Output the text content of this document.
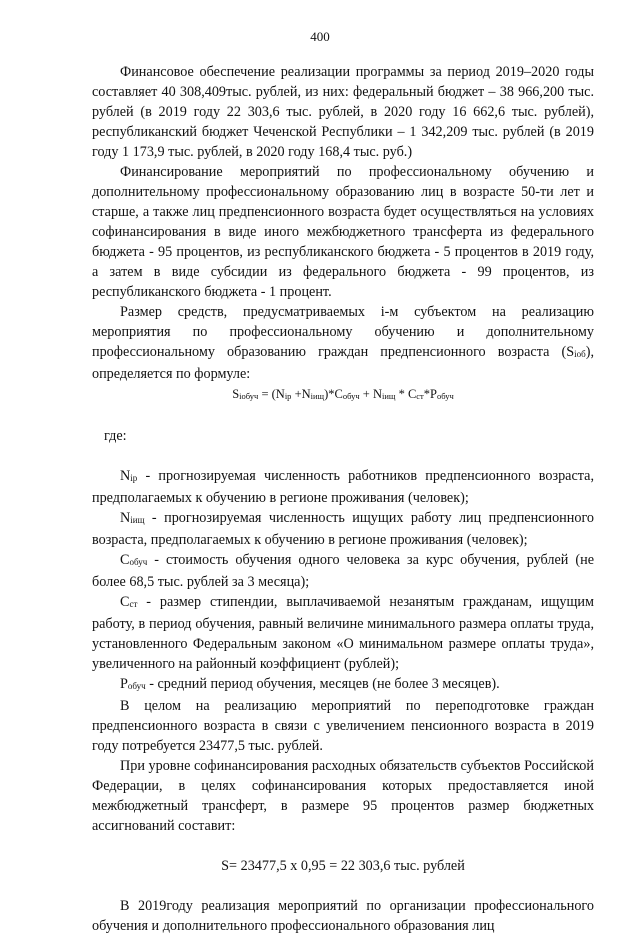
400

Финансовое обеспечение реализации программы за период 2019–2020 годы составляет 40 308,409тыс. рублей, из них: федеральный бюджет – 38 966,200 тыс. рублей (в 2019 году 22 303,6 тыс. рублей, в 2020 году 16 662,6 тыс. рублей), республиканский бюджет Чеченской Республики – 1 342,209 тыс. рублей (в 2019 году 1 173,9 тыс. рублей, в 2020 году 168,4 тыс. руб.)

Финансирование мероприятий по профессиональному обучению и дополнительному профессиональному образованию лиц в возрасте 50-ти лет и старше, а также лиц предпенсионного возраста будет осуществляться на условиях софинансирования в виде иного межбюджетного трансферта из федерального бюджета - 95 процентов, из республиканского бюджета - 5 процентов в 2019 году, а затем в виде субсидии из федерального бюджета - 99 процентов, из республиканского бюджета - 1 процент.

Размер средств, предусматриваемых i-м субъектом на реализацию мероприятия по профессиональному обучению и дополнительному профессиональному образованию граждан предпенсионного возраста $(S_{iоб})$, определяется по формуле:

$S_{iобуч} = (N_{ip} +N_{iищ})*C_{обуч} + N_{iищ} * C_{ст}*P_{обуч}$

где:

$N_{ip}$ - прогнозируемая численность работников предпенсионного возраста, предполагаемых к обучению в регионе проживания (человек);

$N_{iищ}$ - прогнозируемая численность ищущих работу лиц предпенсионного возраста, предполагаемых к обучению в регионе проживания (человек);

$C_{обуч}$ - стоимость обучения одного человека за курс обучения, рублей (не более 68,5 тыс. рублей за 3 месяца);

$C_{ст}$ - размер стипендии, выплачиваемой незанятым гражданам, ищущим работу, в период обучения, равный величине минимального размера оплаты труда, установленного Федеральным законом «О минимальном размере оплаты труда», увеличенного на районный коэффициент (рублей);

$P_{обуч}$ - средний период обучения, месяцев (не более 3 месяцев).

В целом на реализацию мероприятий по переподготовке граждан предпенсионного возраста в связи с увеличением пенсионного возраста в 2019 году потребуется 23477,5 тыс. рублей.

При уровне софинансирования расходных обязательств субъектов Российской Федерации, в целях софинансирования которых предоставляется иной межбюджетный трансферт, в размере 95 процентов размер бюджетных ассигнований составит:

S= 23477,5 х 0,95 = 22 303,6 тыс. рублей

В 2019году реализация мероприятий по организации профессионального обучения и дополнительного профессионального образования лиц
